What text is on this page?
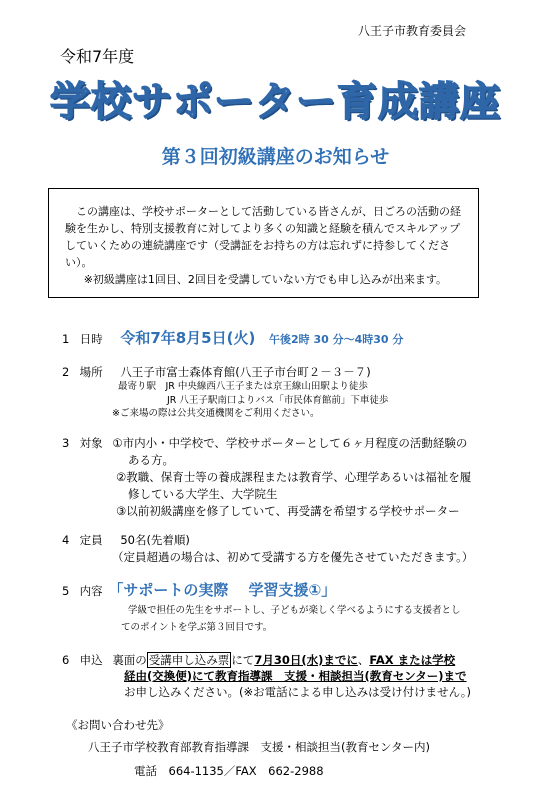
八王子市教育委員会
令和7年度
学校サポーター育成講座
第３回初級講座のお知らせ

この講座は、学校サポーターとして活動している皆さんが、日ごろの活動の経験を生かし、特別支援教育に対してより多くの知識と経験を積んでスキルアップしていくための連続講座です（受講証をお持ちの方は忘れずに持参してください）。

※初級講座は1回目、2回目を受講していない方でも申し込みが出来ます。

1 日時 令和7年8月5日(火) 午後2時 30 分～4時30 分
2 場所 八王子市富士森体育館(八王子市台町２－３－７)
最寄り駅　JR 中央線西八王子または京王線山田駅より徒歩
JR 八王子駅南口よりバス「市民体育館前」下車徒歩
※ご来場の際は公共交通機関をご利用ください。
3 対象 ①市内小・中学校で、学校サポーターとして６ヶ月程度の活動経験の
ある方。
②教職、保育士等の養成課程または教育学、心理学あるいは福祉を履
修している大学生、大学院生
③以前初級講座を修了していて、再受講を希望する学校サポーター
4 定員 50名(先着順)
（定員超過の場合は、初めて受講する方を優先させていただきます。）
5 内容 「サポートの実際　 学習支援①」
学級で担任の先生をサポートし、子どもが楽しく学べるようにする支援者とし
てのポイントを学ぶ第３回目です。
6 申込 裏面の 受講申し込み票 にて7月30日(水)までに、FAX または学校
経由(交換便)にて教育指導課　支援・相談担当(教育センター)まで
お申し込みください。(※お電話による申し込みは受け付けません。)
《お問い合わせ先》
八王子市学校教育部教育指導課　支援・相談担当(教育センター内)
電話　664-1135／FAX　662-2988
